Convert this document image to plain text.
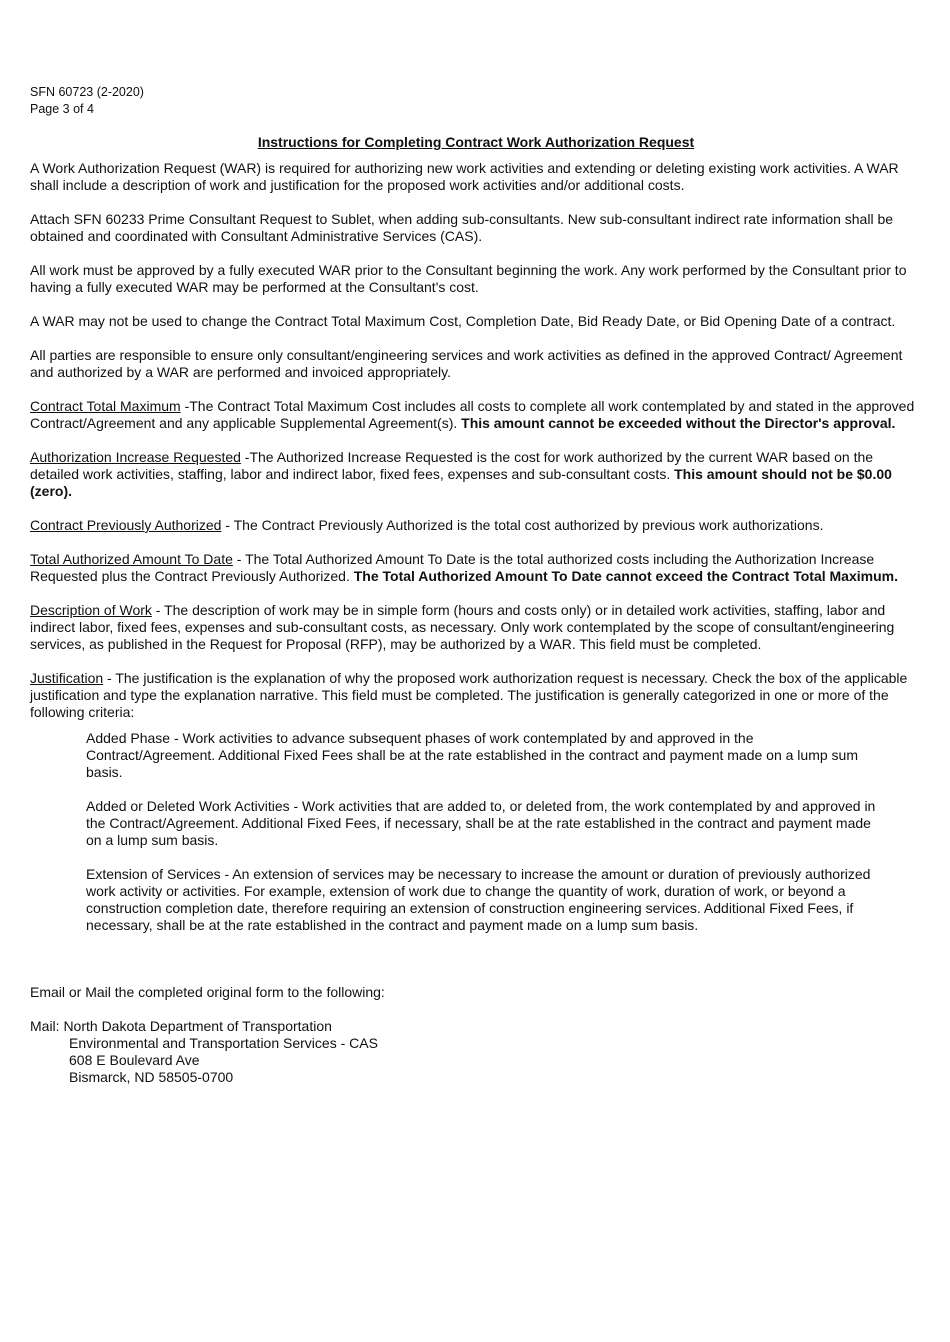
SFN 60723 (2-2020)
Page 3 of 4
Instructions for Completing Contract Work Authorization Request

A Work Authorization Request (WAR) is required for authorizing new work activities and extending or deleting existing work activities. A WAR shall include a description of work and justification for the proposed work activities and/or additional costs.

Attach SFN 60233 Prime Consultant Request to Sublet, when adding sub-consultants. New sub-consultant indirect rate information shall be obtained and coordinated with Consultant Administrative Services (CAS).

All work must be approved by a fully executed WAR prior to the Consultant beginning the work. Any work performed by the Consultant prior to having a fully executed WAR may be performed at the Consultant's cost.

A WAR may not be used to change the Contract Total Maximum Cost, Completion Date, Bid Ready Date, or Bid Opening Date of a contract.

All parties are responsible to ensure only consultant/engineering services and work activities as defined in the approved Contract/ Agreement and authorized by a WAR are performed and invoiced appropriately.

Contract Total Maximum -The Contract Total Maximum Cost includes all costs to complete all work contemplated by and stated in the approved Contract/Agreement and any applicable Supplemental Agreement(s). This amount cannot be exceeded without the Director's approval.

Authorization Increase Requested -The Authorized Increase Requested is the cost for work authorized by the current WAR based on the detailed work activities, staffing, labor and indirect labor, fixed fees, expenses and sub-consultant costs. This amount should not be $0.00 (zero).

Contract Previously Authorized - The Contract Previously Authorized is the total cost authorized by previous work authorizations.

Total Authorized Amount To Date - The Total Authorized Amount To Date is the total authorized costs including the Authorization Increase Requested plus the Contract Previously Authorized. The Total Authorized Amount To Date cannot exceed the Contract Total Maximum.

Description of Work - The description of work may be in simple form (hours and costs only) or in detailed work activities, staffing, labor and indirect labor, fixed fees, expenses and sub-consultant costs, as necessary. Only work contemplated by the scope of consultant/engineering services, as published in the Request for Proposal (RFP), may be authorized by a WAR. This field must be completed.

Justification - The justification is the explanation of why the proposed work authorization request is necessary. Check the box of the applicable justification and type the explanation narrative. This field must be completed. The justification is generally categorized in one or more of the following criteria:

Added Phase - Work activities to advance subsequent phases of work contemplated by and approved in the Contract/Agreement. Additional Fixed Fees shall be at the rate established in the contract and payment made on a lump sum basis.

Added or Deleted Work Activities - Work activities that are added to, or deleted from, the work contemplated by and approved in the Contract/Agreement. Additional Fixed Fees, if necessary, shall be at the rate established in the contract and payment made on a lump sum basis.

Extension of Services - An extension of services may be necessary to increase the amount or duration of previously authorized work activity or activities. For example, extension of work due to change the quantity of work, duration of work, or beyond a construction completion date, therefore requiring an extension of construction engineering services. Additional Fixed Fees, if necessary, shall be at the rate established in the contract and payment made on a lump sum basis.

Email or Mail the completed original form to the following:

Mail: North Dakota Department of Transportation
Environmental and Transportation Services - CAS
608 E Boulevard Ave
Bismarck, ND 58505-0700
